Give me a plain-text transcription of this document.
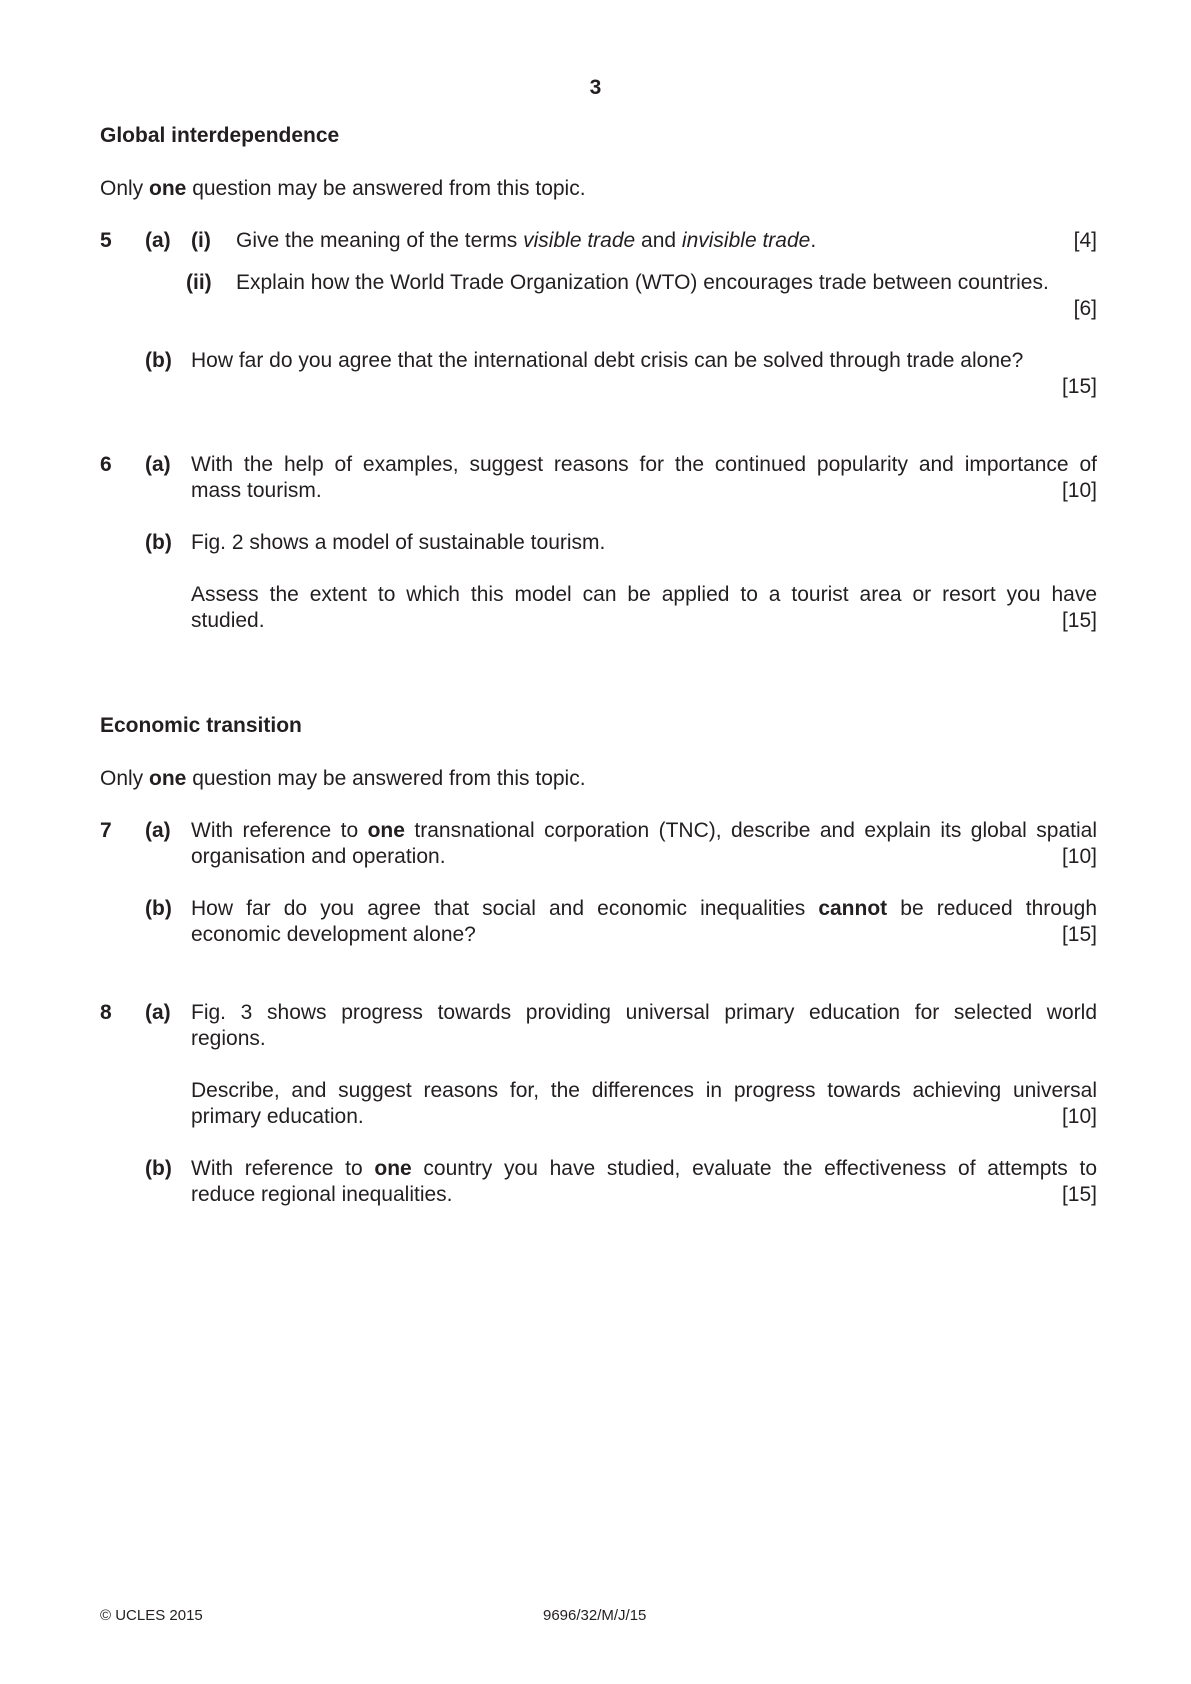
3
Global interdependence
Only one question may be answered from this topic.
5 (a) (i) Give the meaning of the terms visible trade and invisible trade.	[4]
(ii) Explain how the World Trade Organization (WTO) encourages trade between countries.
[6]
(b) How far do you agree that the international debt crisis can be solved through trade alone?
[15]
6 (a) With the help of examples, suggest reasons for the continued popularity and importance of
mass tourism.	[10]
(b) Fig. 2 shows a model of sustainable tourism.
Assess the extent to which this model can be applied to a tourist area or resort you have
studied.	[15]
Economic transition
Only one question may be answered from this topic.
7 (a) With reference to one transnational corporation (TNC), describe and explain its global spatial
organisation and operation.	[10]
(b) How far do you agree that social and economic inequalities cannot be reduced through
economic development alone?	[15]
8 (a) Fig. 3 shows progress towards providing universal primary education for selected world
regions.
Describe, and suggest reasons for, the differences in progress towards achieving universal
primary education.	[10]
(b) With reference to one country you have studied, evaluate the effectiveness of attempts to
reduce regional inequalities.	[15]
© UCLES 2015	9696/32/M/J/15
